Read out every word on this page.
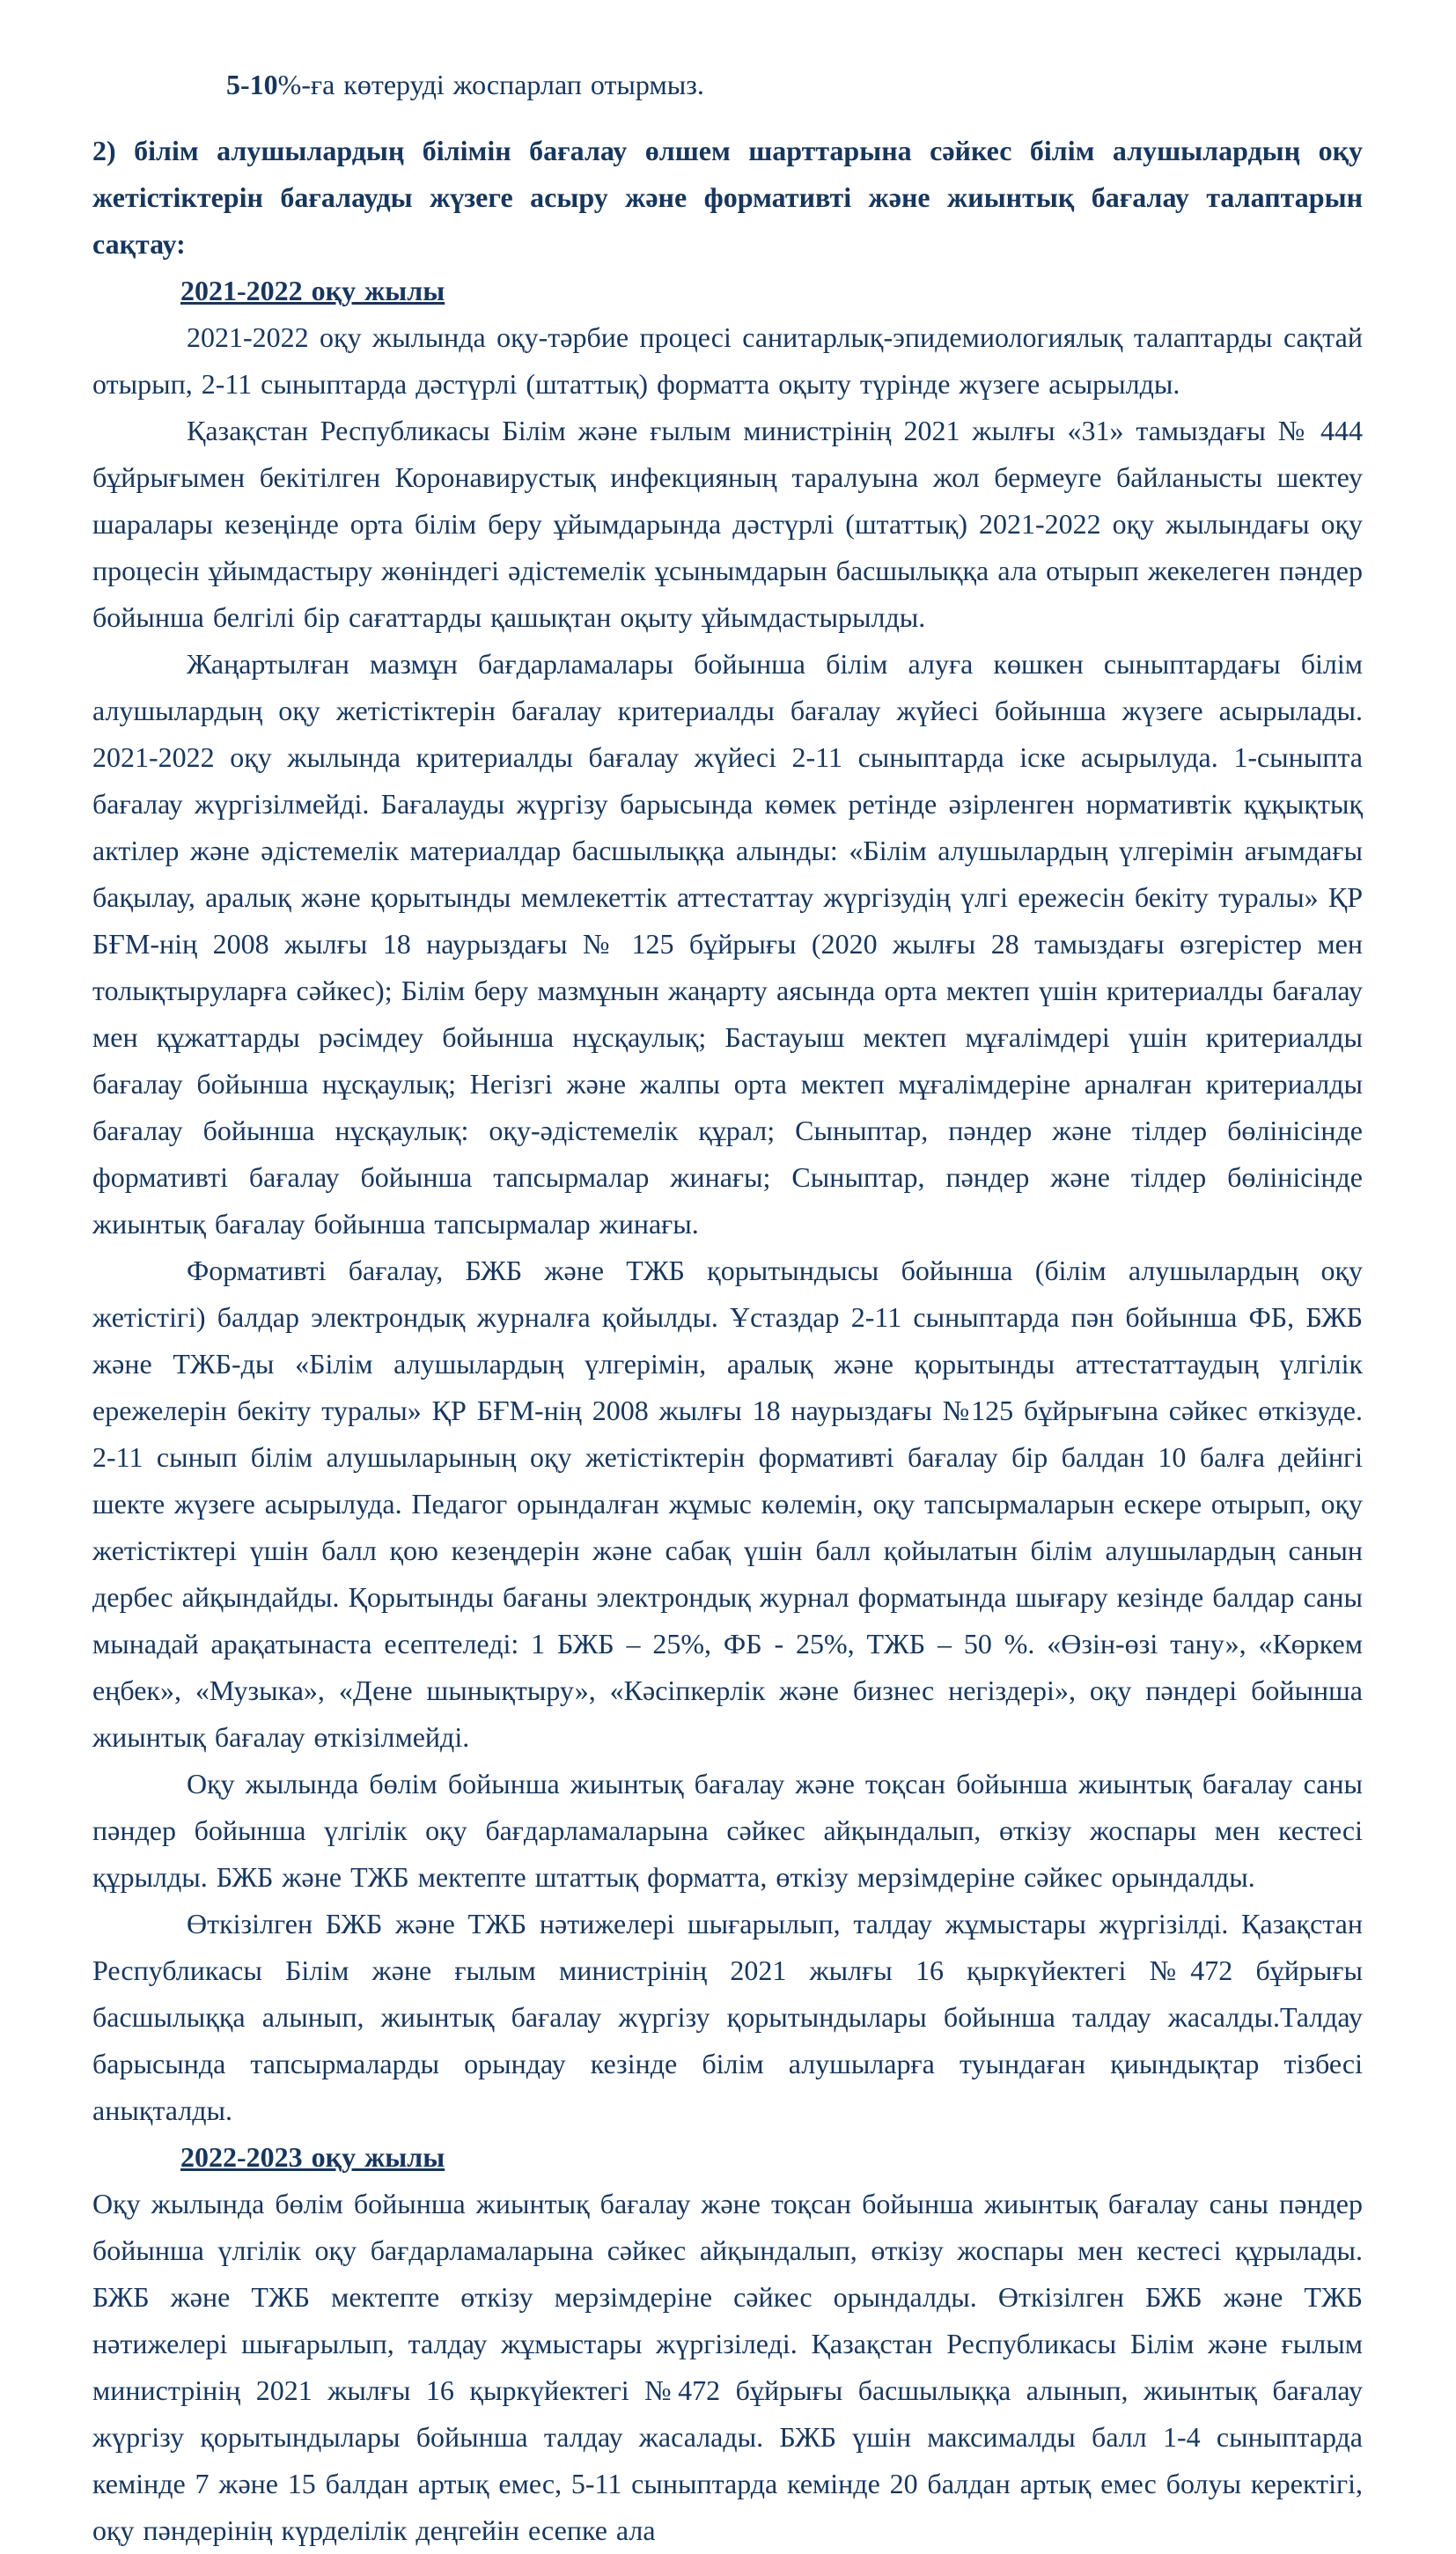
5-10%-ға көтеруді жоспарлап отырмыз.

2) білім алушылардың білімін бағалау өлшем шарттарына сәйкес білім алушылардың оқу жетістіктерін бағалауды жүзеге асыру және формативті және жиынтық бағалау талаптарын сақтау:

2021-2022 оқу жылы

2021-2022 оқу жылында оқу-тәрбие процесі санитарлық-эпидемиологиялық талаптарды сақтай отырып, 2-11 сыныптарда дәстүрлі (штаттық) форматта оқыту түрінде жүзеге асырылды.

Қазақстан Республикасы Білім және ғылым министрінің 2021 жылғы «31» тамыздағы № 444 бұйрығымен бекітілген Коронавирустық инфекцияның таралуына жол бермеуге байланысты шектеу шаралары кезеңінде орта білім беру ұйымдарында дәстүрлі (штаттық) 2021-2022 оқу жылындағы оқу процесін ұйымдастыру жөніндегі әдістемелік ұсынымдарын басшылыққа ала отырып жекелеген пәндер бойынша белгілі бір сағаттарды қашықтан оқыту ұйымдастырылды.

Жаңартылған мазмұн бағдарламалары бойынша білім алуға көшкен сыныптардағы білім алушылардың оқу жетістіктерін бағалау критериалды бағалау жүйесі бойынша жүзеге асырылады. 2021-2022 оқу жылында критериалды бағалау жүйесі 2-11 сыныптарда іске асырылуда. 1-сыныпта бағалау жүргізілмейді. Бағалауды жүргізу барысында көмек ретінде әзірленген нормативтік құқықтық актілер және әдістемелік материалдар басшылыққа алынды: «Білім алушылардың үлгерімін ағымдағы бақылау, аралық және қорытынды мемлекеттік аттестаттау жүргізудің үлгі ережесін бекіту туралы» ҚР БҒМ-нің 2008 жылғы 18 наурыздағы № 125 бұйрығы (2020 жылғы 28 тамыздағы өзгерістер мен толықтыруларға сәйкес); Білім беру мазмұнын жаңарту аясында орта мектеп үшін критериалды бағалау мен құжаттарды рәсімдеу бойынша нұсқаулық; Бастауыш мектеп мұғалімдері үшін критериалды бағалау бойынша нұсқаулық; Негізгі және жалпы орта мектеп мұғалімдеріне арналған критериалды бағалау бойынша нұсқаулық: оқу-әдістемелік құрал; Сыныптар, пәндер және тілдер бөлінісінде формативті бағалау бойынша тапсырмалар жинағы; Сыныптар, пәндер және тілдер бөлінісінде жиынтық бағалау бойынша тапсырмалар жинағы.

Формативті бағалау, БЖБ және ТЖБ қорытындысы бойынша (білім алушылардың оқу жетістігі) балдар электрондық журналға қойылды. Ұстаздар 2-11 сыныптарда пән бойынша ФБ, БЖБ және ТЖБ-ды «Білім алушылардың үлгерімін, аралық және қорытынды аттестаттаудың үлгілік ережелерін бекіту туралы» ҚР БҒМ-нің 2008 жылғы 18 наурыздағы №125 бұйрығына сәйкес өткізуде. 2-11 сынып білім алушыларының оқу жетістіктерін формативті бағалау бір балдан 10 балға дейінгі шекте жүзеге асырылуда. Педагог орындалған жұмыс көлемін, оқу тапсырмаларын ескере отырып, оқу жетістіктері үшін балл қою кезеңдерін және сабақ үшін балл қойылатын білім алушылардың санын дербес айқындайды. Қорытынды бағаны электрондық журнал форматында шығару кезінде балдар саны мынадай арақатынаста есептеледі: 1 БЖБ – 25%, ФБ - 25%, ТЖБ – 50 %. «Өзін-өзі тану», «Көркем еңбек», «Музыка», «Дене шынықтыру», «Кәсіпкерлік және бизнес негіздері», оқу пәндері бойынша жиынтық бағалау өткізілмейді.

Оқу жылында бөлім бойынша жиынтық бағалау және тоқсан бойынша жиынтық бағалау саны пәндер бойынша үлгілік оқу бағдарламаларына сәйкес айқындалып, өткізу жоспары мен кестесі құрылды. БЖБ және ТЖБ мектепте штаттық форматта, өткізу мерзімдеріне сәйкес орындалды.

Өткізілген БЖБ және ТЖБ нәтижелері шығарылып, талдау жұмыстары жүргізілді. Қазақстан Республикасы Білім және ғылым министрінің 2021 жылғы 16 қыркүйектегі №472 бұйрығы басшылыққа алынып, жиынтық бағалау жүргізу қорытындылары бойынша талдау жасалды.Талдау барысында тапсырмаларды орындау кезінде білім алушыларға туындаған қиындықтар тізбесі анықталды.

2022-2023 оқу жылы

Оқу жылында бөлім бойынша жиынтық бағалау және тоқсан бойынша жиынтық бағалау саны пәндер бойынша үлгілік оқу бағдарламаларына сәйкес айқындалып, өткізу жоспары мен кестесі құрылады. БЖБ және ТЖБ мектепте өткізу мерзімдеріне сәйкес орындалды. Өткізілген БЖБ және ТЖБ нәтижелері шығарылып, талдау жұмыстары жүргізіледі. Қазақстан Республикасы Білім және ғылым министрінің 2021 жылғы 16 қыркүйектегі №472 бұйрығы басшылыққа алынып, жиынтық бағалау жүргізу қорытындылары бойынша талдау жасалады. БЖБ үшін максималды балл 1-4 сыныптарда кемінде 7 және 15 балдан артық емес, 5-11 сыныптарда кемінде 20 балдан артық емес болуы керектігі, оқу пәндерінің күрделілік деңгейін есепке ала
